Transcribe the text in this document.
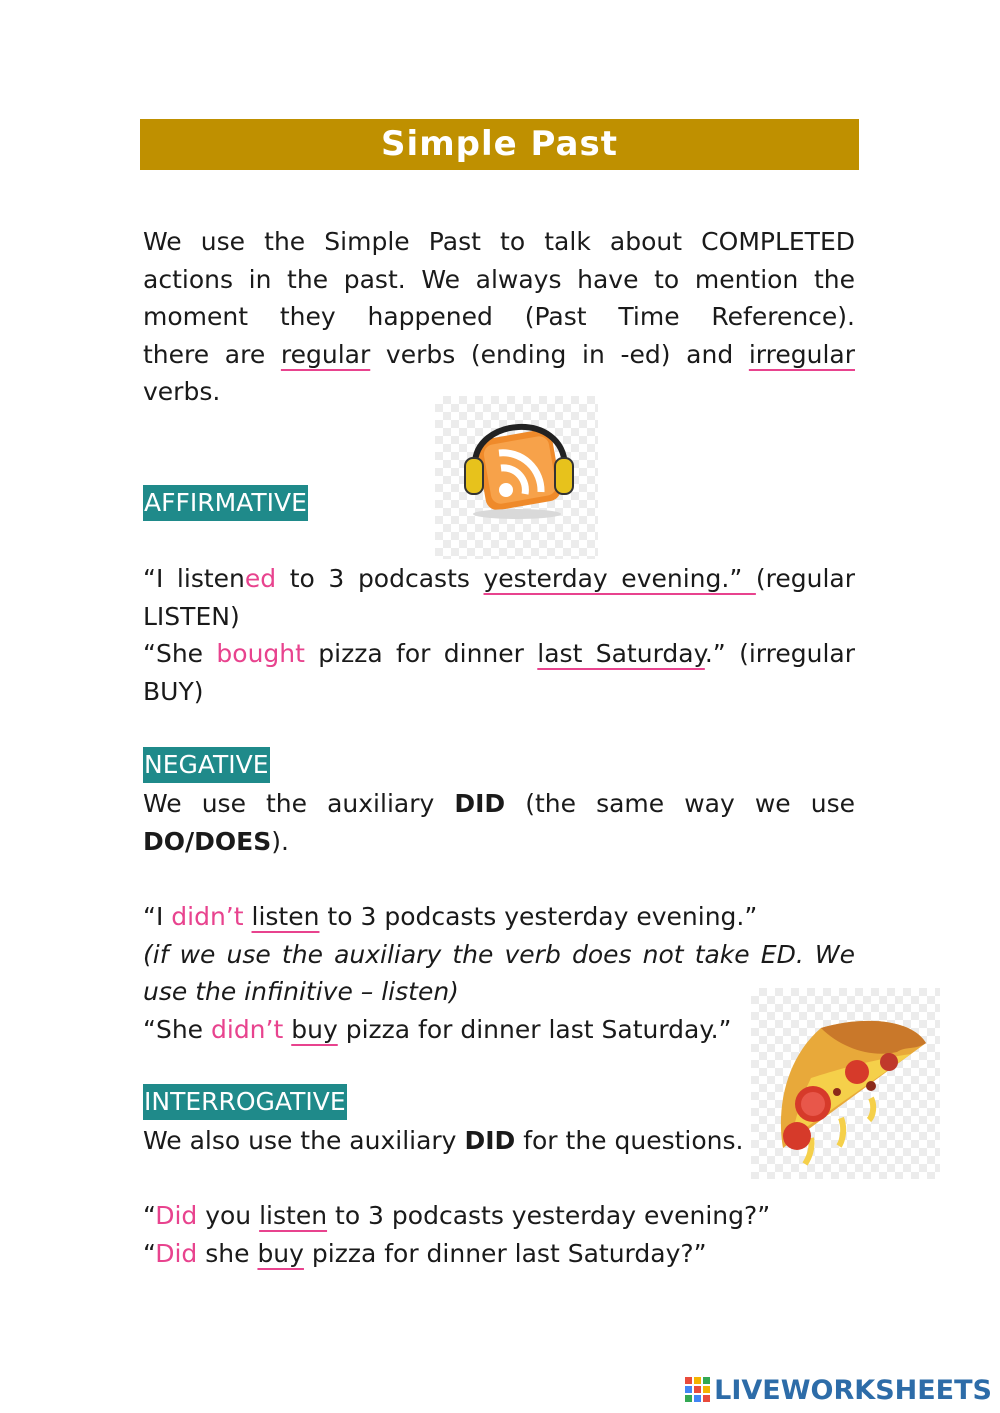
Simple Past
We use the Simple Past to talk about COMPLETED
actions in the past. We always have to mention the
moment they happened (Past Time Reference).
there are regular verbs (ending in -ed) and irregular
verbs.
AFFIRMATIVE
“I listened to 3 podcasts yesterday evening.” (regular
LISTEN)
“She bought pizza for dinner last Saturday.” (irregular
BUY)
NEGATIVE
We use the auxiliary DID (the same way we use
DO/DOES).
“I didn’t listen to 3 podcasts yesterday evening.”
(if we use the auxiliary the verb does not take ED. We
use the infinitive – listen)
“She didn’t buy pizza for dinner last Saturday.”
INTERROGATIVE
We also use the auxiliary DID for the questions.
“Did you listen to 3 podcasts yesterday evening?”
“Did she buy pizza for dinner last Saturday?”
LIVEWORKSHEETS
